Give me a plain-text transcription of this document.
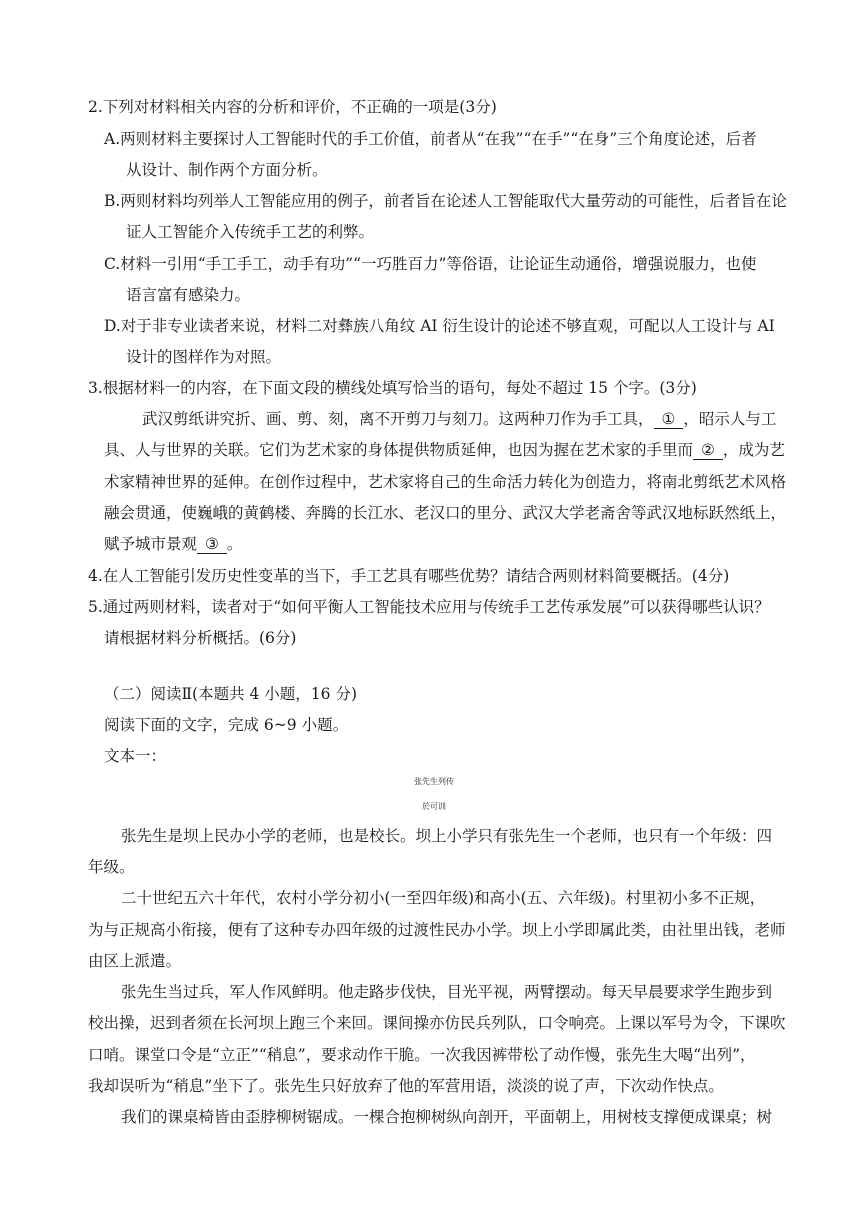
2.下列对材料相关内容的分析和评价，不正确的一项是(3分)
A.两则材料主要探讨人工智能时代的手工价值，前者从“在我”“在手”“在身”三个角度论述，后者
从设计、制作两个方面分析。
B.两则材料均列举人工智能应用的例子，前者旨在论述人工智能取代大量劳动的可能性，后者旨在论
证人工智能介入传统手工艺的利弊。
C.材料一引用“手工手工，动手有功”“一巧胜百力”等俗语，让论证生动通俗，增强说服力，也使
语言富有感染力。
D.对于非专业读者来说，材料二对彝族八角纹 AI 衍生设计的论述不够直观，可配以人工设计与 AI
设计的图样作为对照。
3.根据材料一的内容，在下面文段的横线处填写恰当的语句，每处不超过 15 个字。(3分)
武汉剪纸讲究折、画、剪、刻，离不开剪刀与刻刀。这两种刀作为手工具， ① ，昭示人与工
具、人与世界的关联。它们为艺术家的身体提供物质延伸，也因为握在艺术家的手里而 ② ，成为艺
术家精神世界的延伸。在创作过程中，艺术家将自己的生命活力转化为创造力，将南北剪纸艺术风格
融会贯通，使巍峨的黄鹤楼、奔腾的长江水、老汉口的里分、武汉大学老斋舍等武汉地标跃然纸上，
赋予城市景观 ③ 。
4.在人工智能引发历史性变革的当下，手工艺具有哪些优势？请结合两则材料简要概括。(4分)
5.通过两则材料，读者对于“如何平衡人工智能技术应用与传统手工艺传承发展”可以获得哪些认识？
请根据材料分析概括。(6分)
（二）阅读Ⅱ(本题共 4 小题，16 分)
阅读下面的文字，完成 6~9 小题。
文本一：
张先生列传
於可训
张先生是坝上民办小学的老师，也是校长。坝上小学只有张先生一个老师，也只有一个年级：四
年级。
二十世纪五六十年代，农村小学分初小(一至四年级)和高小(五、六年级)。村里初小多不正规，
为与正规高小衔接，便有了这种专办四年级的过渡性民办小学。坝上小学即属此类，由社里出钱，老师
由区上派遣。
张先生当过兵，军人作风鲜明。他走路步伐快，目光平视，两臂摆动。每天早晨要求学生跑步到
校出操，迟到者须在长河坝上跑三个来回。课间操亦仿民兵列队，口令响亮。上课以军号为令，下课吹
口哨。课堂口令是“立正”“稍息”，要求动作干脆。一次我因裤带松了动作慢，张先生大喝“出列”，
我却误听为“稍息”坐下了。张先生只好放弃了他的军营用语，淡淡的说了声，下次动作快点。
我们的课桌椅皆由歪脖柳树锯成。一棵合抱柳树纵向剖开，平面朝上，用树枝支撑便成课桌；树
